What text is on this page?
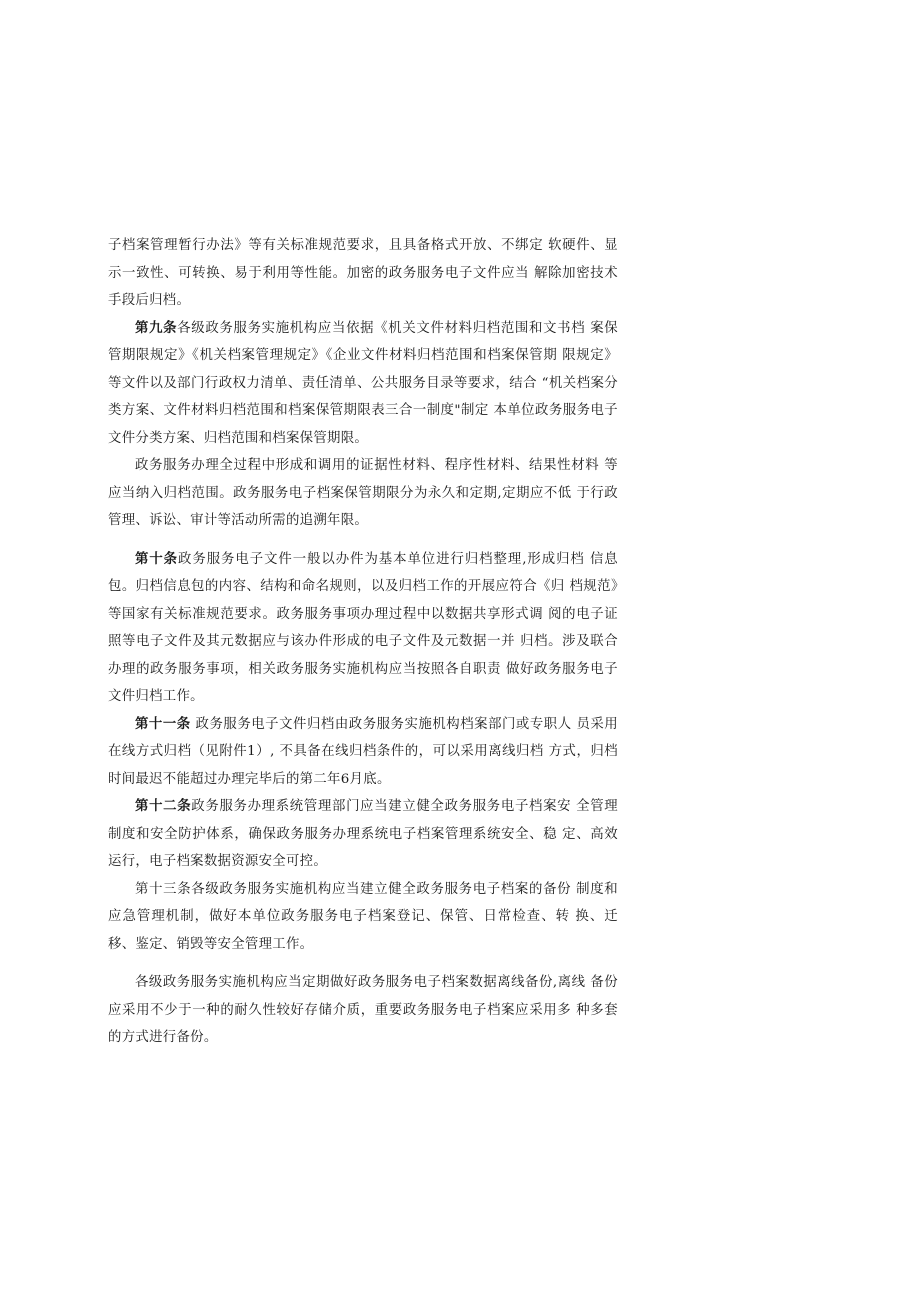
子档案管理暂行办法》等有关标准规范要求，且具备格式开放、不绑定 软硬件、显示一致性、可转换、易于利用等性能。加密的政务服务电子文件应当 解除加密技术手段后归档。

第九条各级政务服务实施机构应当依据《机关文件材料归档范围和文书档 案保管期限规定》《机关档案管理规定》《企业文件材料归档范围和档案保管期 限规定》等文件以及部门行政权力清单、责任清单、公共服务目录等要求，结合 “机关档案分类方案、文件材料归档范围和档案保管期限表三合一制度"制定 本单位政务服务电子文件分类方案、归档范围和档案保管期限。

政务服务办理全过程中形成和调用的证据性材料、程序性材料、结果性材料 等应当纳入归档范围。政务服务电子档案保管期限分为永久和定期,定期应不低 于行政管理、诉讼、审计等活动所需的追溯年限。

第十条政务服务电子文件一般以办件为基本单位进行归档整理,形成归档 信息包。归档信息包的内容、结构和命名规则，以及归档工作的开展应符合《归 档规范》等国家有关标准规范要求。政务服务事项办理过程中以数据共享形式调 阅的电子证照等电子文件及其元数据应与该办件形成的电子文件及元数据一并 归档。涉及联合办理的政务服务事项，相关政务服务实施机构应当按照各自职责 做好政务服务电子文件归档工作。

第十一条 政务服务电子文件归档由政务服务实施机构档案部门或专职人 员采用在线方式归档（见附件1）, 不具备在线归档条件的，可以采用离线归档 方式，归档时间最迟不能超过办理完毕后的第二年6月底。

第十二条政务服务办理系统管理部门应当建立健全政务服务电子档案安 全管理制度和安全防护体系，确保政务服务办理系统电子档案管理系统安全、稳 定、高效运行，电子档案数据资源安全可控。

第十三条各级政务服务实施机构应当建立健全政务服务电子档案的备份 制度和应急管理机制，做好本单位政务服务电子档案登记、保管、日常检查、转 换、迁移、鉴定、销毁等安全管理工作。

各级政务服务实施机构应当定期做好政务服务电子档案数据离线备份,离线 备份应采用不少于一种的耐久性较好存储介质，重要政务服务电子档案应采用多 种多套的方式进行备份。
